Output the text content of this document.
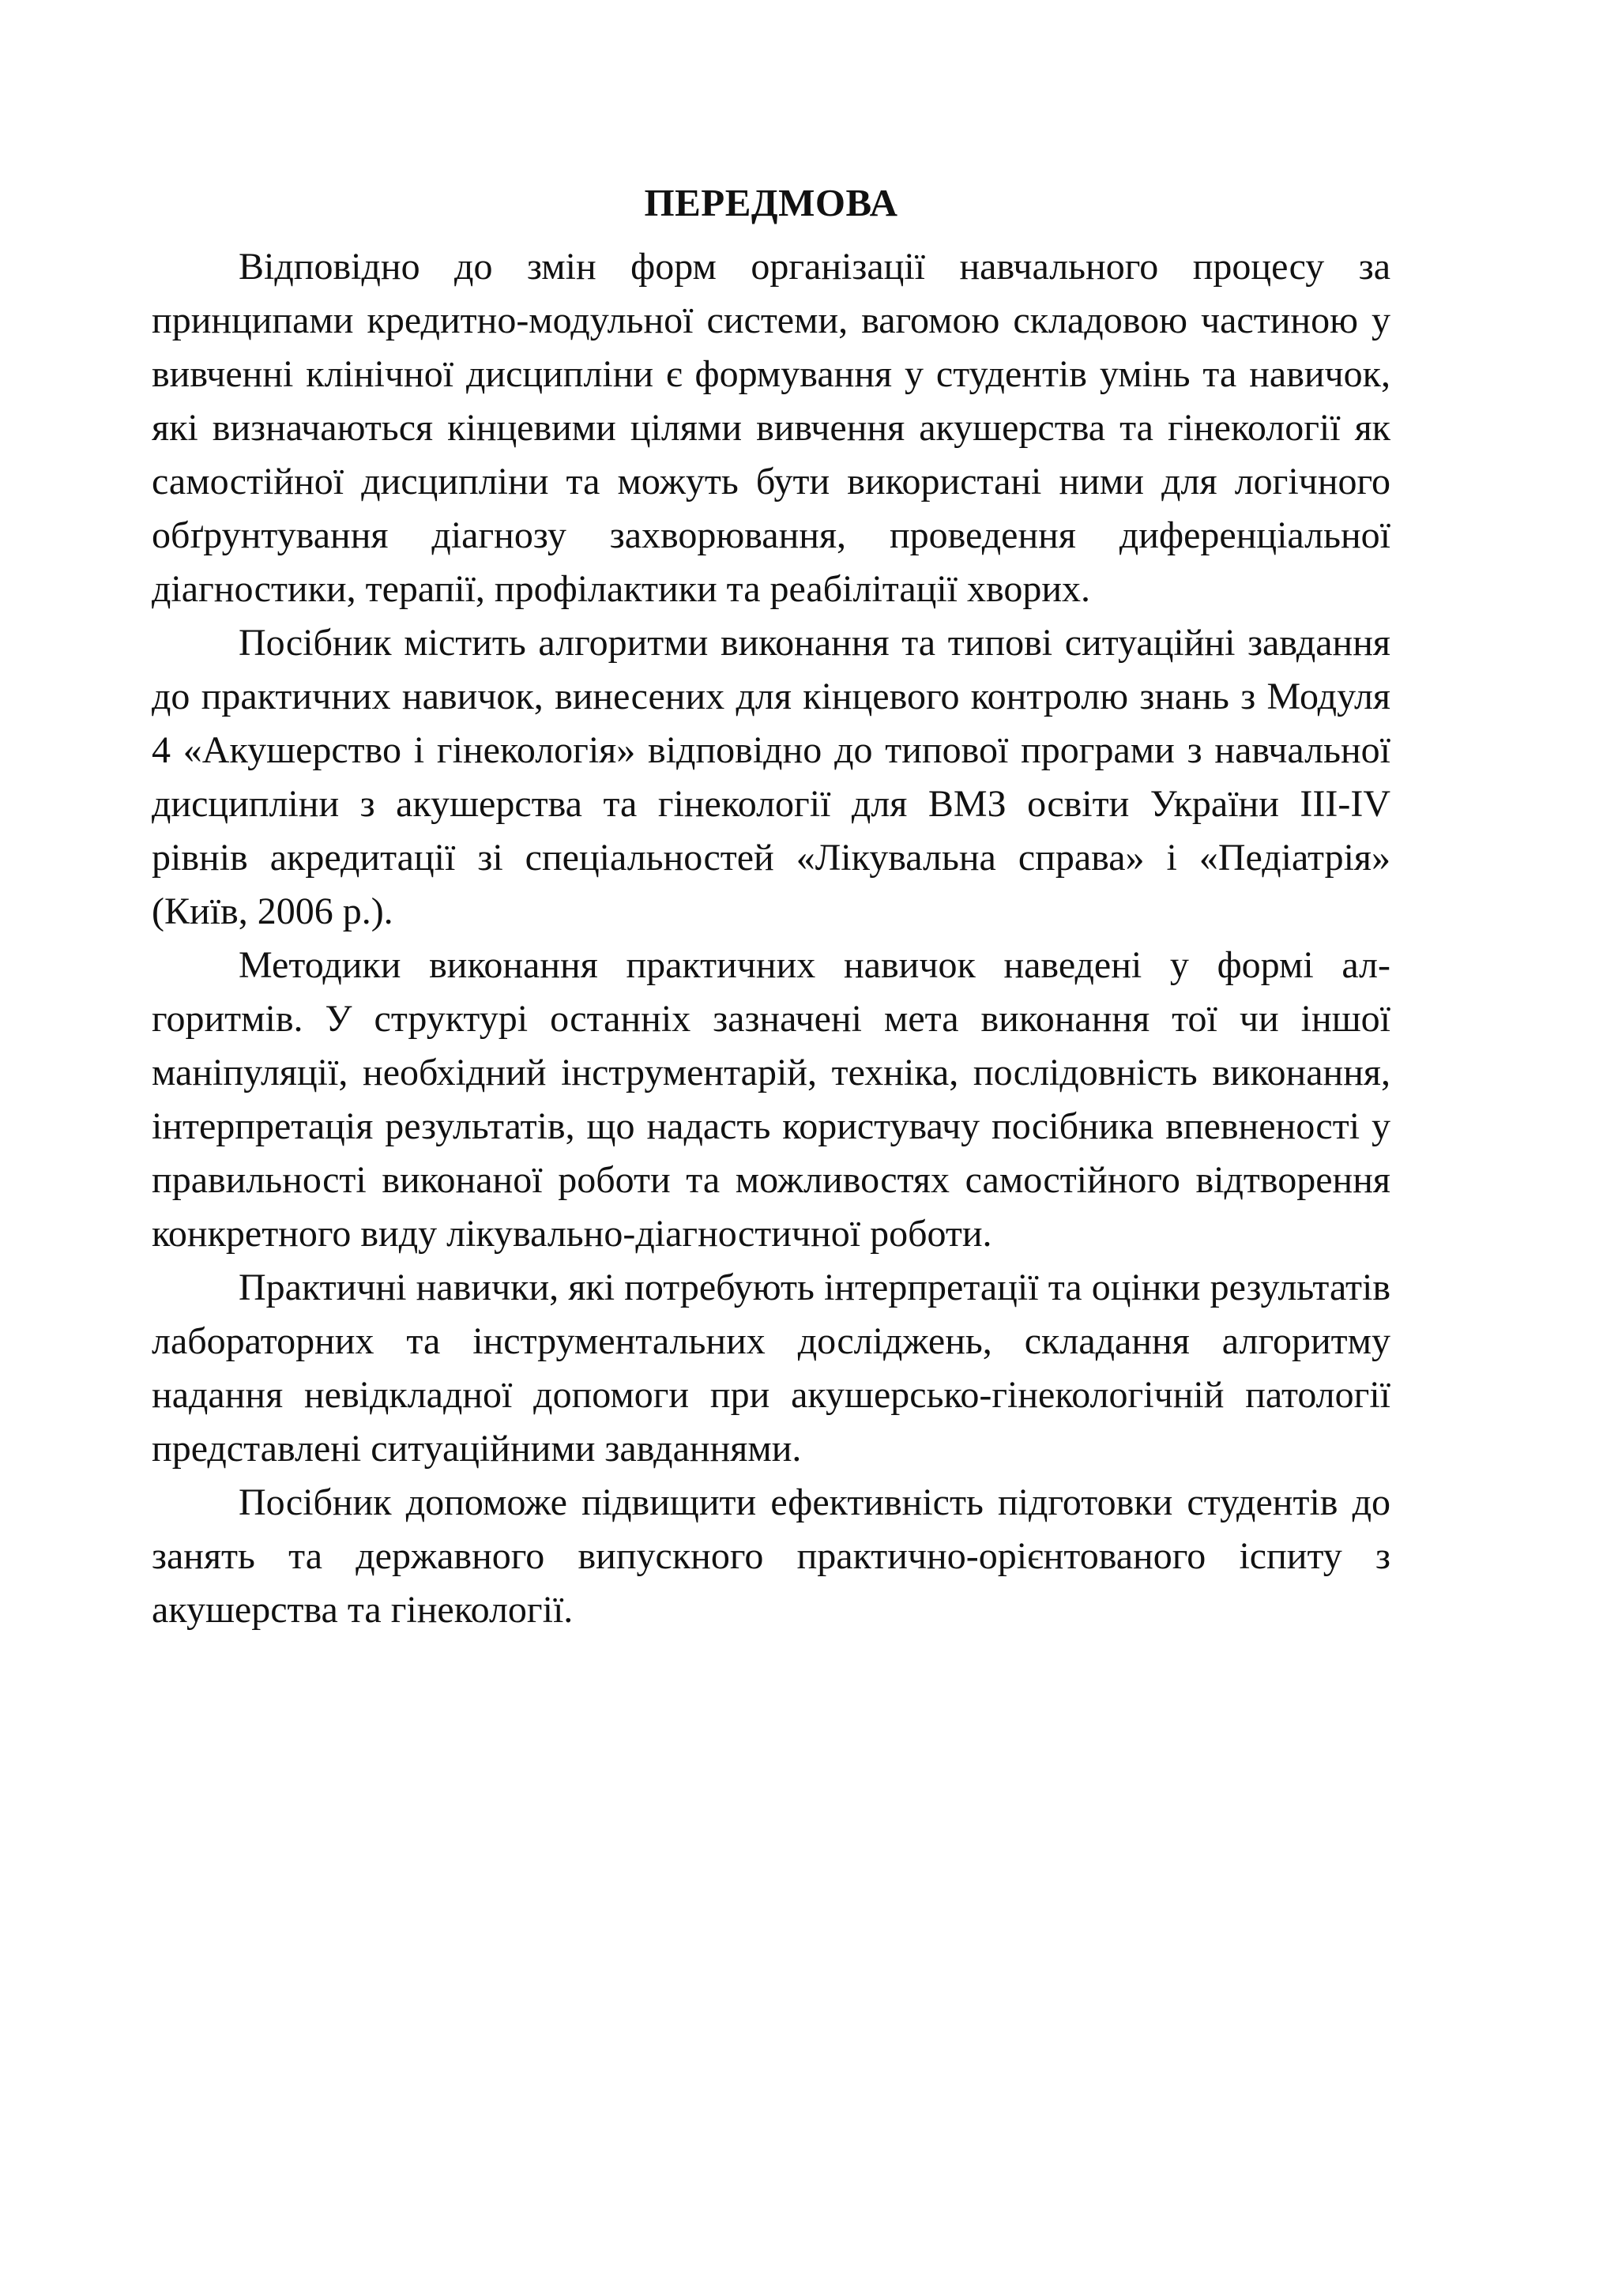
ПЕРЕДМОВА

Відповідно до змін форм організації навчального процесу за принципами кредитно-модульної системи, вагомою складовою частиною у вивченні клінічної дисципліни є формування у студентів умінь та навичок, які визначаються кінцевими цілями вивчення акушерства та гінекології як самостійної дисципліни та можуть бути використані ними для логічного обґрунтування діагнозу захворювання, проведення диференціальної діагностики, терапії, профілактики та реабілітації хворих.

Посібник містить алгоритми виконання та типові ситуаційні завдання до практичних навичок, винесених для кінцевого контролю знань з Модуля 4 «Акушерство і гінекологія» відповідно до типової програми з навчальної дисципліни з акушерства та гінекології для ВМЗ освіти України ІІІ-IV рівнів акредитації зі спеціальностей «Лікувальна справа» і «Педіатрія» (Київ, 2006 р.).

Методики виконання практичних навичок наведені у формі алгоритмів. У структурі останніх зазначені мета виконання тої чи іншої маніпуляції, необхідний інструментарій, техніка, послідовність виконання, інтерпретація результатів, що надасть користувачу посібника впевненості у правильності виконаної роботи та можливостях самостійного відтворення конкретного виду лікувально-діагностичної роботи.

Практичні навички, які потребують інтерпретації та оцінки результатів лабораторних та інструментальних досліджень, складання алгоритму надання невідкладної допомоги при акушерсько-гінекологічній патології представлені ситуаційними завданнями.

Посібник допоможе підвищити ефективність підготовки студентів до занять та державного випускного практично-орієнтованого іспиту з акушерства та гінекології.
